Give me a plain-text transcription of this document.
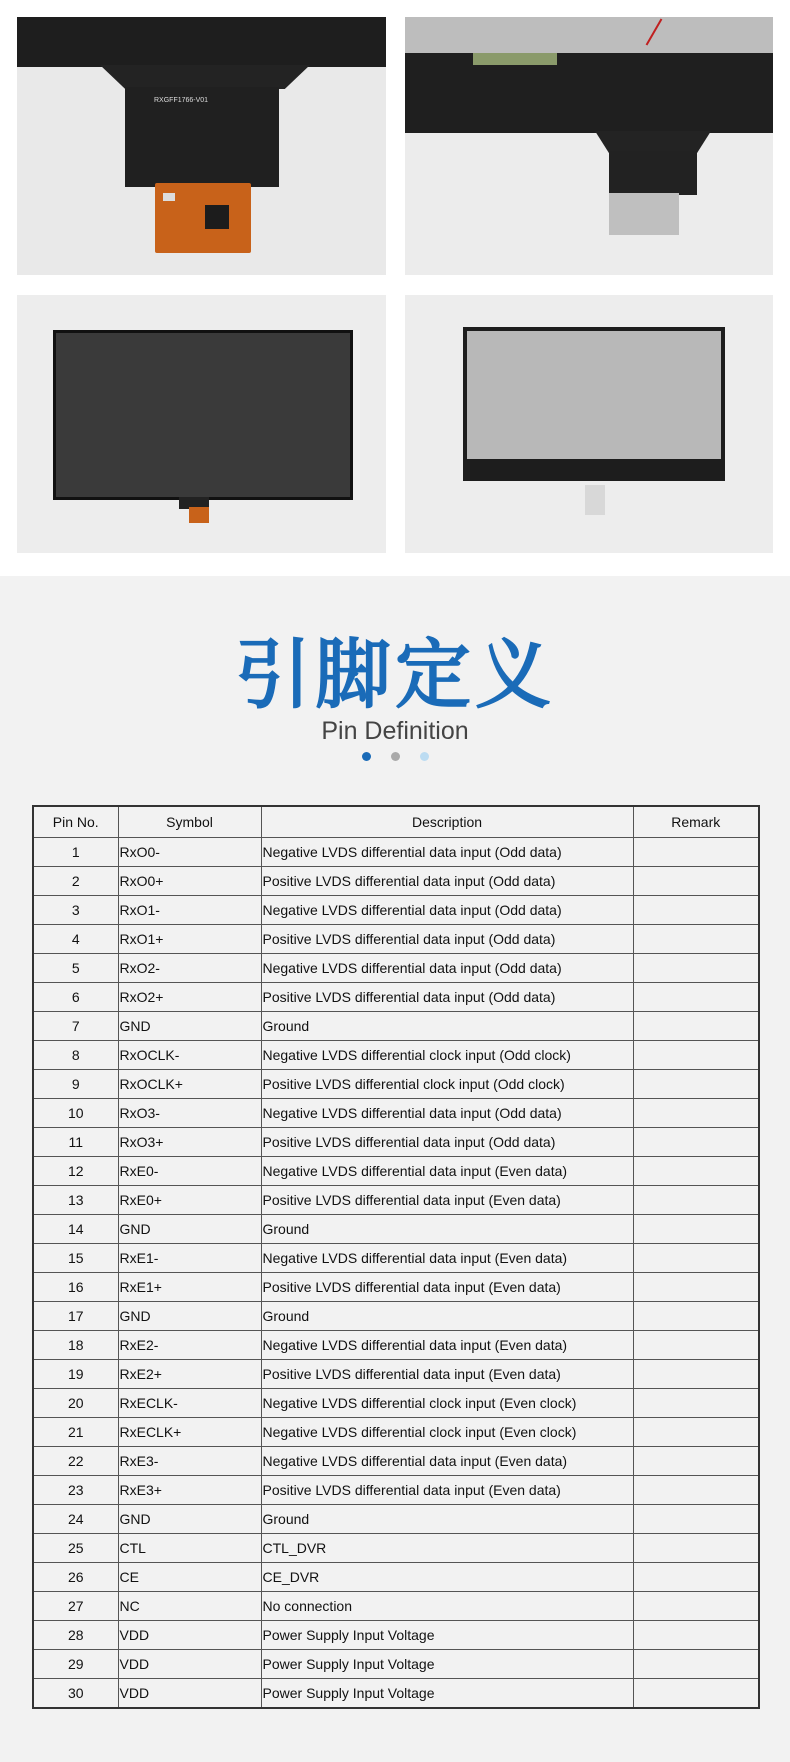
RXGFF1766-V01
引脚定义
Pin Definition

Pin No.	Symbol	Description	Remark
1	RxO0-	Negative LVDS differential data input (Odd data)	
2	RxO0+	Positive LVDS differential data input (Odd data)	
3	RxO1-	Negative LVDS differential data input (Odd data)	
4	RxO1+	Positive LVDS differential data input (Odd data)	
5	RxO2-	Negative LVDS differential data input (Odd data)	
6	RxO2+	Positive LVDS differential data input (Odd data)	
7	GND	Ground	
8	RxOCLK-	Negative LVDS differential clock input (Odd clock)	
9	RxOCLK+	Positive LVDS differential clock input (Odd clock)	
10	RxO3-	Negative LVDS differential data input (Odd data)	
11	RxO3+	Positive LVDS differential data input (Odd data)	
12	RxE0-	Negative LVDS differential data input (Even data)	
13	RxE0+	Positive LVDS differential data input (Even data)	
14	GND	Ground	
15	RxE1-	Negative LVDS differential data input (Even data)	
16	RxE1+	Positive LVDS differential data input (Even data)	
17	GND	Ground	
18	RxE2-	Negative LVDS differential data input (Even data)	
19	RxE2+	Positive LVDS differential data input (Even data)	
20	RxECLK-	Negative LVDS differential clock input (Even clock)	
21	RxECLK+	Negative LVDS differential clock input (Even clock)	
22	RxE3-	Negative LVDS differential data input (Even data)	
23	RxE3+	Positive LVDS differential data input (Even data)	
24	GND	Ground	
25	CTL	CTL_DVR	
26	CE	CE_DVR	
27	NC	No connection	
28	VDD	Power Supply Input Voltage	
29	VDD	Power Supply Input Voltage	
30	VDD	Power Supply Input Voltage	
